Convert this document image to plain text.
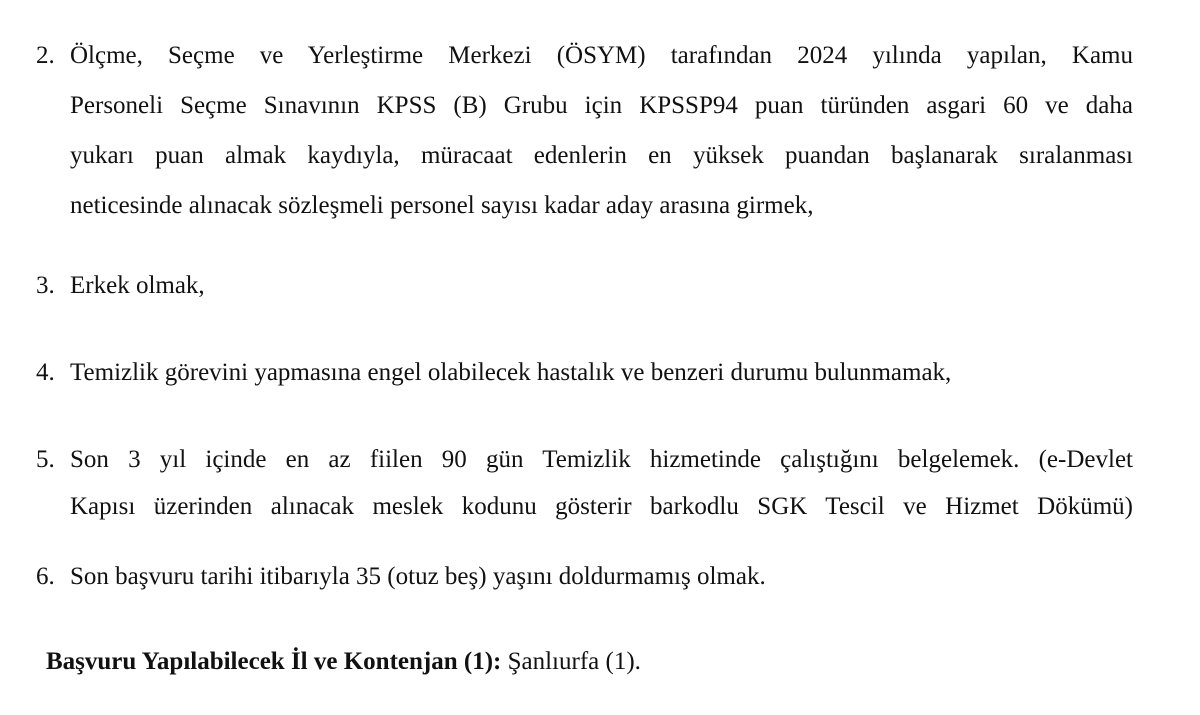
2. Ölçme, Seçme ve Yerleştirme Merkezi (ÖSYM) tarafından 2024 yılında yapılan, Kamu
Personeli Seçme Sınavının KPSS (B) Grubu için KPSSP94 puan türünden asgari 60 ve daha
yukarı puan almak kaydıyla, müracaat edenlerin en yüksek puandan başlanarak sıralanması
neticesinde alınacak sözleşmeli personel sayısı kadar aday arasına girmek,
3. Erkek olmak,
4. Temizlik görevini yapmasına engel olabilecek hastalık ve benzeri durumu bulunmamak,
5. Son 3 yıl içinde en az fiilen 90 gün Temizlik hizmetinde çalıştığını belgelemek. (e-Devlet
Kapısı üzerinden alınacak meslek kodunu gösterir barkodlu SGK Tescil ve Hizmet Dökümü)
6. Son başvuru tarihi itibarıyla 35 (otuz beş) yaşını doldurmamış olmak.
Başvuru Yapılabilecek İl ve Kontenjan (1): Şanlıurfa (1).
